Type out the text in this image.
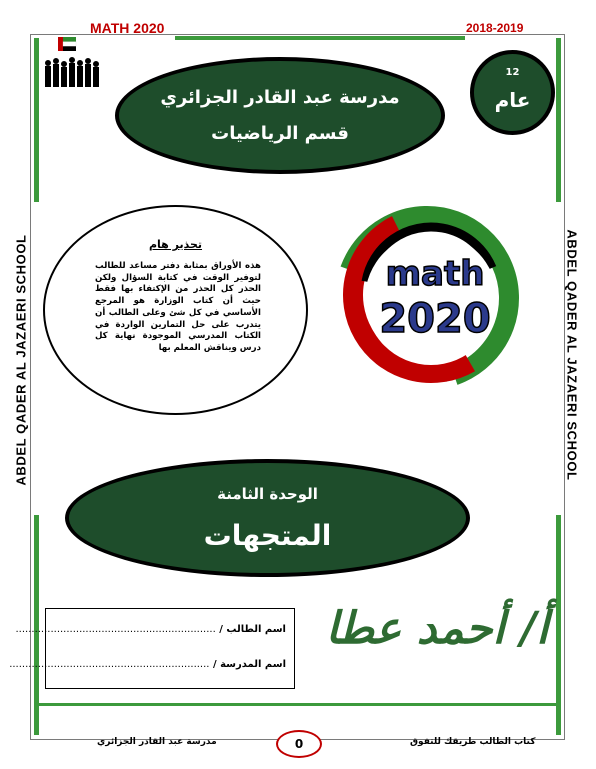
MATH 2020	2018-2019
ABDEL QADER AL JAZAERI SCHOOL	ABDEL QADER AL JAZAERI SCHOOL
مدرسة عبد القادر الجزائري
قسم الرياضيات
12
عام
تحذير هام
هذه الأوراق بمثابة دفتر مساعد للطالب لتوفير الوقت في كتابة السؤال ولكن الحذر كل الحذر من الإكتفاء بها فقط حيث أن كتاب الوزارة هو المرجع الأساسي في كل شئ وعلى الطالب أن يتدرب على حل التمارين الواردة في الكتاب المدرسي الموجودة نهاية كل درس ويناقش المعلم بها
math
2020
الوحدة الثامنة
المتجهات
اسم الطالب / ...............................................................
اسم المدرسة / ...............................................................
أ/ أحمد عطا
مدرسة عبد القادر الجزائري	0	كتاب الطالب طريقك للتفوق
